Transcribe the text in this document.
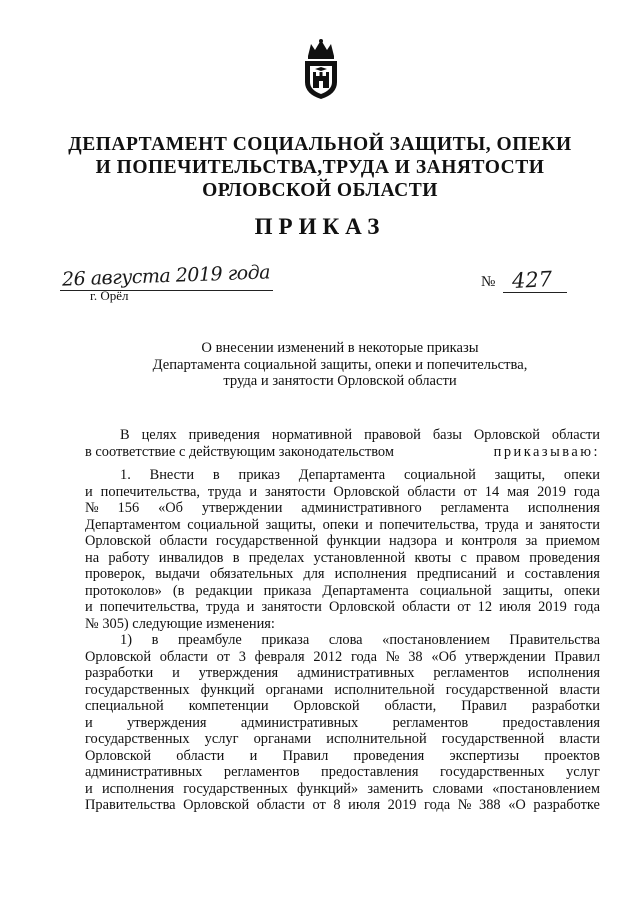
ДЕПАРТАМЕНТ СОЦИАЛЬНОЙ ЗАЩИТЫ, ОПЕКИ
И ПОПЕЧИТЕЛЬСТВА,ТРУДА И ЗАНЯТОСТИ
ОРЛОВСКОЙ ОБЛАСТИ
ПРИКАЗ
26 августа 2019 года
г. Орёл
№ 427
О внесении изменений в некоторые приказы
Департамента социальной защиты, опеки и попечительства,
труда и занятости Орловской области
В целях приведения нормативной правовой базы Орловской области
в соответствие с действующим законодательством	приказываю:
1. Внести в приказ Департамента социальной защиты, опеки
и попечительства, труда и занятости Орловской области от 14 мая 2019 года
№ 156 «Об утверждении административного регламента исполнения
Департаментом социальной защиты, опеки и попечительства, труда и занятости
Орловской области государственной функции надзора и контроля за приемом
на работу инвалидов в пределах установленной квоты с правом проведения
проверок, выдачи обязательных для исполнения предписаний и составления
протоколов» (в редакции приказа Департамента социальной защиты, опеки
и попечительства, труда и занятости Орловской области от 12 июля 2019 года
№ 305) следующие изменения:
1) в преамбуле приказа слова «постановлением Правительства
Орловской области от 3 февраля 2012 года № 38 «Об утверждении Правил
разработки и утверждения административных регламентов исполнения
государственных функций органами исполнительной государственной власти
специальной компетенции Орловской области, Правил разработки
и утверждения административных регламентов предоставления
государственных услуг органами исполнительной государственной власти
Орловской области и Правил проведения экспертизы проектов
административных регламентов предоставления государственных услуг
и исполнения государственных функций» заменить словами «постановлением
Правительства Орловской области от 8 июля 2019 года № 388 «О разработке
